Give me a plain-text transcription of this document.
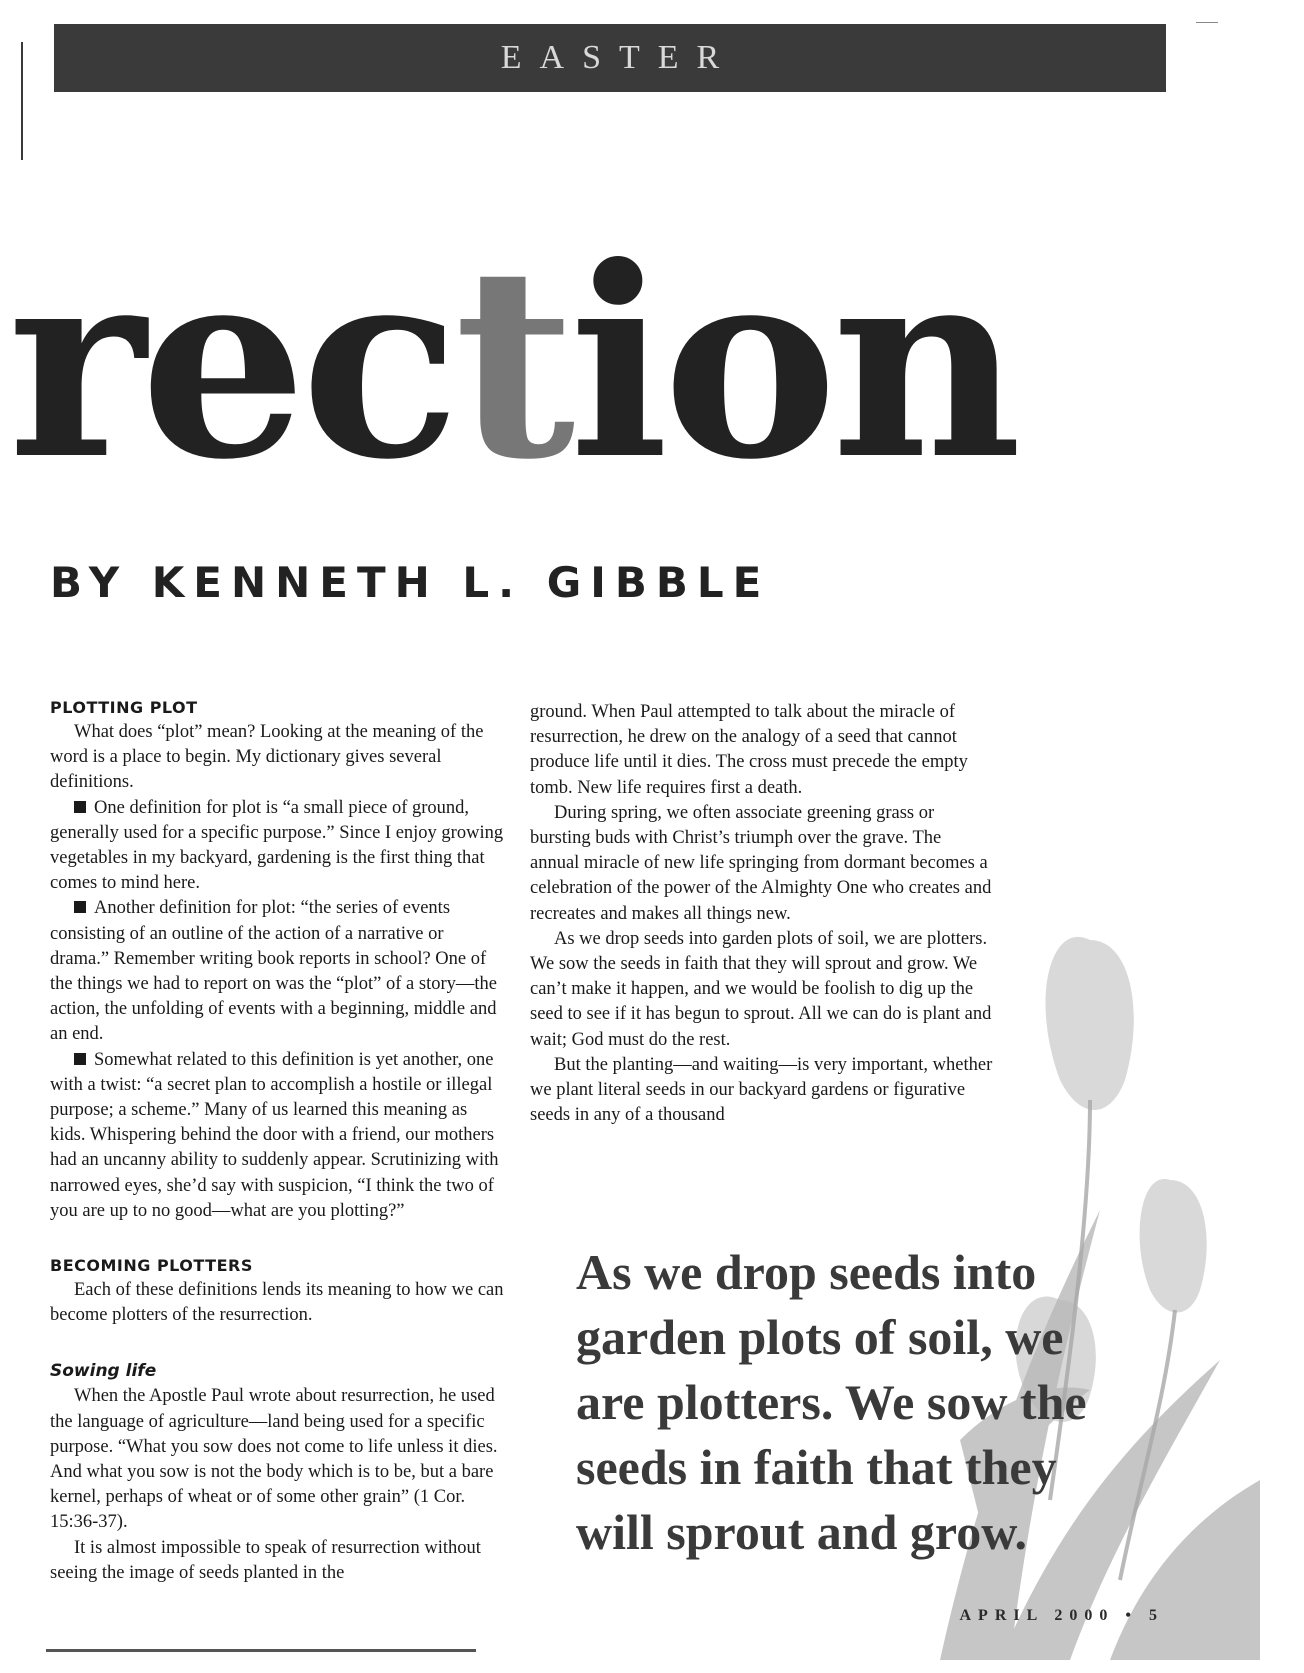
EASTER
rection
BY KENNETH L. GIBBLE
PLOTTING PLOT

What does “plot” mean? Looking at the meaning of the word is a place to begin. My dictionary gives several definitions.

One definition for plot is “a small piece of ground, generally used for a specific purpose.” Since I enjoy growing vegetables in my backyard, gardening is the first thing that comes to mind here.

Another definition for plot: “the series of events consisting of an outline of the action of a narrative or drama.” Remember writing book reports in school? One of the things we had to report on was the “plot” of a story—the action, the unfolding of events with a beginning, middle and an end.

Somewhat related to this definition is yet another, one with a twist: “a secret plan to accomplish a hostile or illegal purpose; a scheme.” Many of us learned this meaning as kids. Whispering behind the door with a friend, our mothers had an uncanny ability to suddenly appear. Scrutinizing with narrowed eyes, she’d say with suspicion, “I think the two of you are up to no good—what are you plotting?”

BECOMING PLOTTERS

Each of these definitions lends its meaning to how we can become plotters of the resurrection.

Sowing life

When the Apostle Paul wrote about resurrection, he used the language of agriculture—land being used for a specific purpose. “What you sow does not come to life unless it dies. And what you sow is not the body which is to be, but a bare kernel, perhaps of wheat or of some other grain” (1 Cor. 15:36-37).

It is almost impossible to speak of resurrection without seeing the image of seeds planted in the

ground. When Paul attempted to talk about the miracle of resurrection, he drew on the analogy of a seed that cannot produce life until it dies. The cross must precede the empty tomb. New life requires first a death.

During spring, we often associate greening grass or bursting buds with Christ’s triumph over the grave. The annual miracle of new life springing from dormant becomes a celebration of the power of the Almighty One who creates and recreates and makes all things new.

As we drop seeds into garden plots of soil, we are plotters. We sow the seeds in faith that they will sprout and grow. We can’t make it happen, and we would be foolish to dig up the seed to see if it has begun to sprout. All we can do is plant and wait; God must do the rest.

But the planting—and waiting—is very important, whether we plant literal seeds in our backyard gardens or figurative seeds in any of a thousand

As we drop seeds into garden plots of soil, we are plotters. We sow the seeds in faith that they will sprout and grow.

APRIL 2000 • 5
